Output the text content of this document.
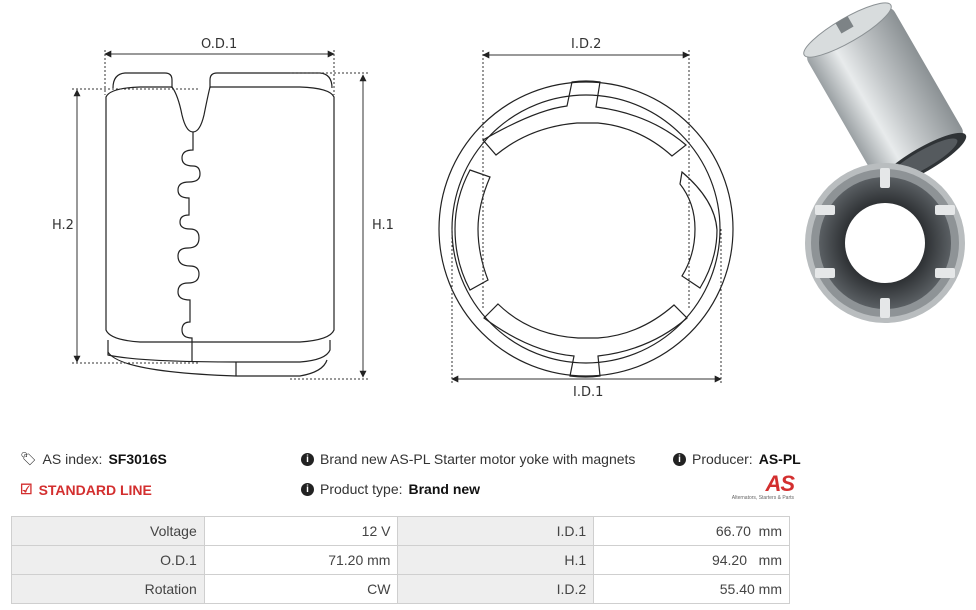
O.D.1
H.2	H.1
I.D.2
I.D.1
🏷 AS index: SF3016S
☑ STANDARD LINE
i Brand new AS-PL Starter motor yoke with magnets
i Product type: Brand new
i Producer: AS-PL
AS
Alternators, Starters & Parts
Voltage	12 V	I.D.1	66.70  mm
O.D.1	71.20 mm	H.1	94.20   mm
Rotation	CW	I.D.2	55.40 mm
